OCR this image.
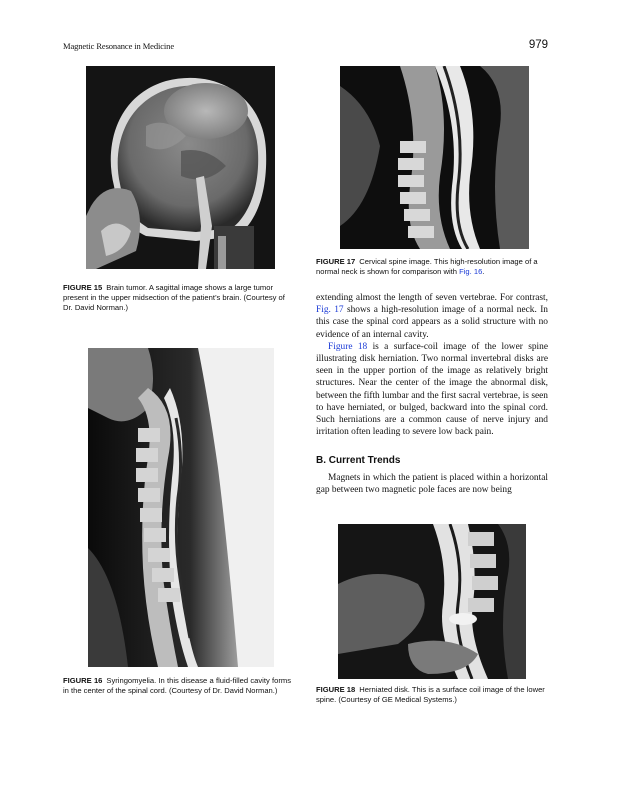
Magnetic Resonance in Medicine	979
FIGURE 15 Brain tumor. A sagittal image shows a large tumor present in the upper midsection of the patient’s brain. (Courtesy of Dr. David Norman.)
FIGURE 16 Syringomyelia. In this disease a fluid-filled cavity forms in the center of the spinal cord. (Courtesy of Dr. David Norman.)
FIGURE 17 Cervical spine image. This high-resolution image of a normal neck is shown for comparison with Fig. 16.

extending almost the length of seven vertebrae. For contrast, Fig. 17 shows a high-resolution image of a normal neck. In this case the spinal cord appears as a solid structure with no evidence of an internal cavity.

Figure 18 is a surface-coil image of the lower spine illustrating disk herniation. Two normal invertebral disks are seen in the upper portion of the image as relatively bright structures. Near the center of the image the abnormal disk, between the fifth lumbar and the first sacral vertebrae, is seen to have herniated, or bulged, backward into the spinal cord. Such herniations are a common cause of nerve injury and irritation often leading to severe low back pain.

B. Current Trends

Magnets in which the patient is placed within a horizontal gap between two magnetic pole faces are now being

FIGURE 18 Herniated disk. This is a surface coil image of the lower spine. (Courtesy of GE Medical Systems.)
